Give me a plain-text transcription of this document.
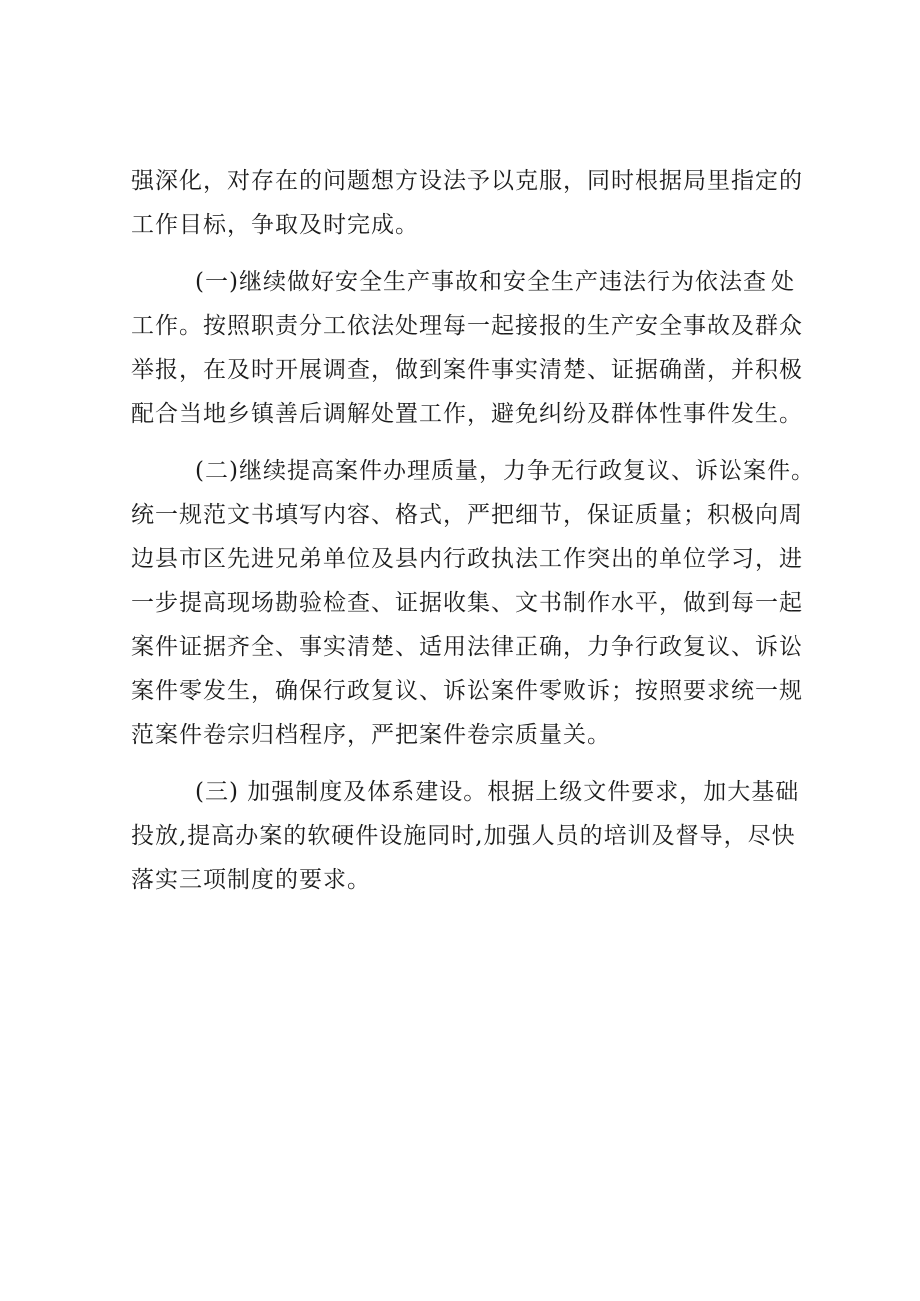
强深化，对存在的问题想方设法予以克服，同时根据局里指 定的
工作目标，争取及时完成。
(一)继续做好安全生产事故和安全生产违法行为依法查 处
工作。按照职责分工依法处理每一起接报的生产安全事故及 群众
举报，在及时开展调查，做到案件事实清楚、证据确凿， 并积极
配合当地乡镇善后调解处置工作，避免纠纷及群体性事 件发生。
(二)继续提高案件办理质量，力争无行政复议、诉讼案 件。
统一规范文书填写内容、格式，严把细节，保证质量；积 极向周
边县市区先进兄弟单位及县内行政执法工作突出的单位 学习，进
一步提高现场勘验检查、证据收集、文书制作水平， 做到每一起
案件证据齐全、事实清楚、适用法律正确，力争行 政复议、诉讼
案件零发生，确保行政复议、诉讼案件零败诉； 按照要求统一规
范案件卷宗归档程序，严把案件卷宗质量关。
(三) 加强制度及体系建设。根据上级文件要求，加大基 础
投放,提高办案的软硬件设施同时,加强人员的培训及督导， 尽快
落实三项制度的要求。
